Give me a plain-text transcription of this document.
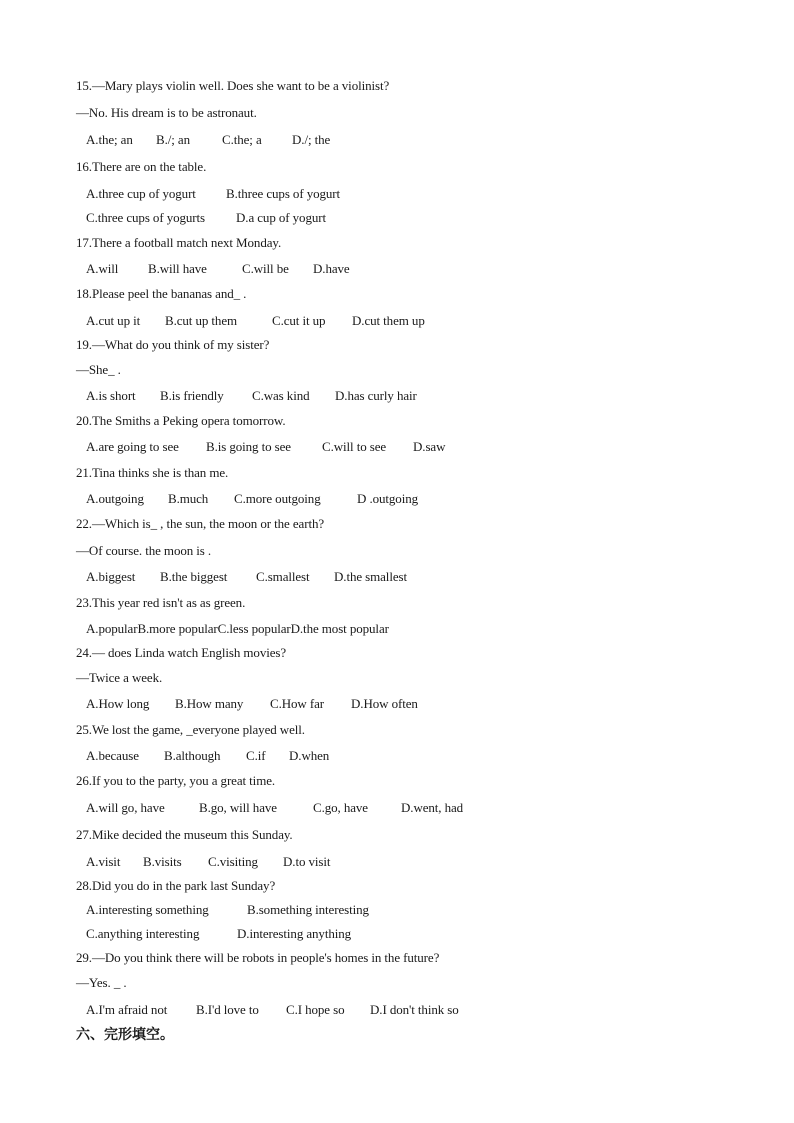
15.—Mary plays violin well. Does she want to be a violinist?
—No. His dream is to be astronaut.
A.the; an B./; an C.the; a D./; the
16.There are on the table.
A.three cup of yogurt B.three cups of yogurt
C.three cups of yogurts D.a cup of yogurt
17.There a football match next Monday.
A.will B.will have	C.will be D.have
18.Please peel the bananas and_ .
A.cut up it B.cut up them	C.cut it up D.cut them up
19.—What do you think of my sister?
—She_ .
A.is short B.is friendly C.was kind D.has curly hair
20.The Smiths a Peking opera tomorrow.
A.are going to see B.is going to see C.will to see D.saw
21.Tina thinks she is than me.
A.outgoing B.much C.more outgoing	D .outgoing
22.—Which is_ , the sun, the moon or the earth?
—Of course. the moon is .
A.biggest B.the biggest C.smallest D.the smallest
23.This year red isn't as as green.
A.popularB.more popularC.less popularD.the most popular
24.— does Linda watch English movies?
—Twice a week.
A.How long B.How many C.How far D.How often
25.We lost the game, _everyone played well.
A.because B.although C.if D.when
26.If you to the party, you a great time.
A.will go, have	B.go, will have	C.go, have	D.went, had
27.Mike decided the museum this Sunday.
A.visit B.visits C.visiting D.to visit
28.Did you do in the park last Sunday?
A.interesting something	B.something interesting
C.anything interesting	D.interesting anything
29.—Do you think there will be robots in people's homes in the future?
—Yes. _ .
A.I'm afraid not B.I'd love to C.I hope so D.I don't think so
六、完形填空。
